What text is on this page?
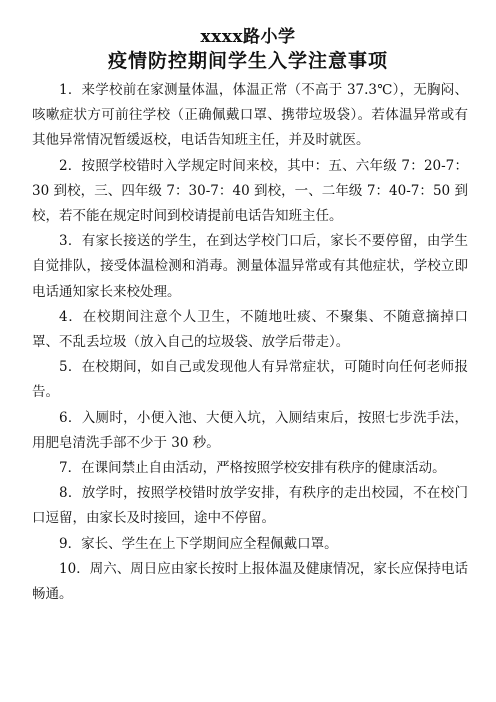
xxxx路小学
疫情防控期间学生入学注意事项

1．来学校前在家测量体温，体温正常（不高于 37.3℃），无胸闷、咳嗽症状方可前往学校（正确佩戴口罩、携带垃圾袋）。若体温异常或有其他异常情况暂缓返校，电话告知班主任，并及时就医。

2．按照学校错时入学规定时间来校，其中：五、六年级 7：20-7：30 到校，三、四年级 7：30-7：40 到校，一、二年级 7：40-7：50 到校，若不能在规定时间到校请提前电话告知班主任。

3．有家长接送的学生，在到达学校门口后，家长不要停留，由学生自觉排队，接受体温检测和消毒。测量体温异常或有其他症状，学校立即电话通知家长来校处理。

4．在校期间注意个人卫生，不随地吐痰、不聚集、不随意摘掉口罩、不乱丢垃圾（放入自己的垃圾袋、放学后带走）。

5．在校期间，如自己或发现他人有异常症状，可随时向任何老师报告。

6．入厕时，小便入池、大便入坑，入厕结束后，按照七步洗手法，用肥皂清洗手部不少于 30 秒。

7．在课间禁止自由活动，严格按照学校安排有秩序的健康活动。

8．放学时，按照学校错时放学安排，有秩序的走出校园，不在校门口逗留，由家长及时接回，途中不停留。

9．家长、学生在上下学期间应全程佩戴口罩。

10．周六、周日应由家长按时上报体温及健康情况，家长应保持电话畅通。
